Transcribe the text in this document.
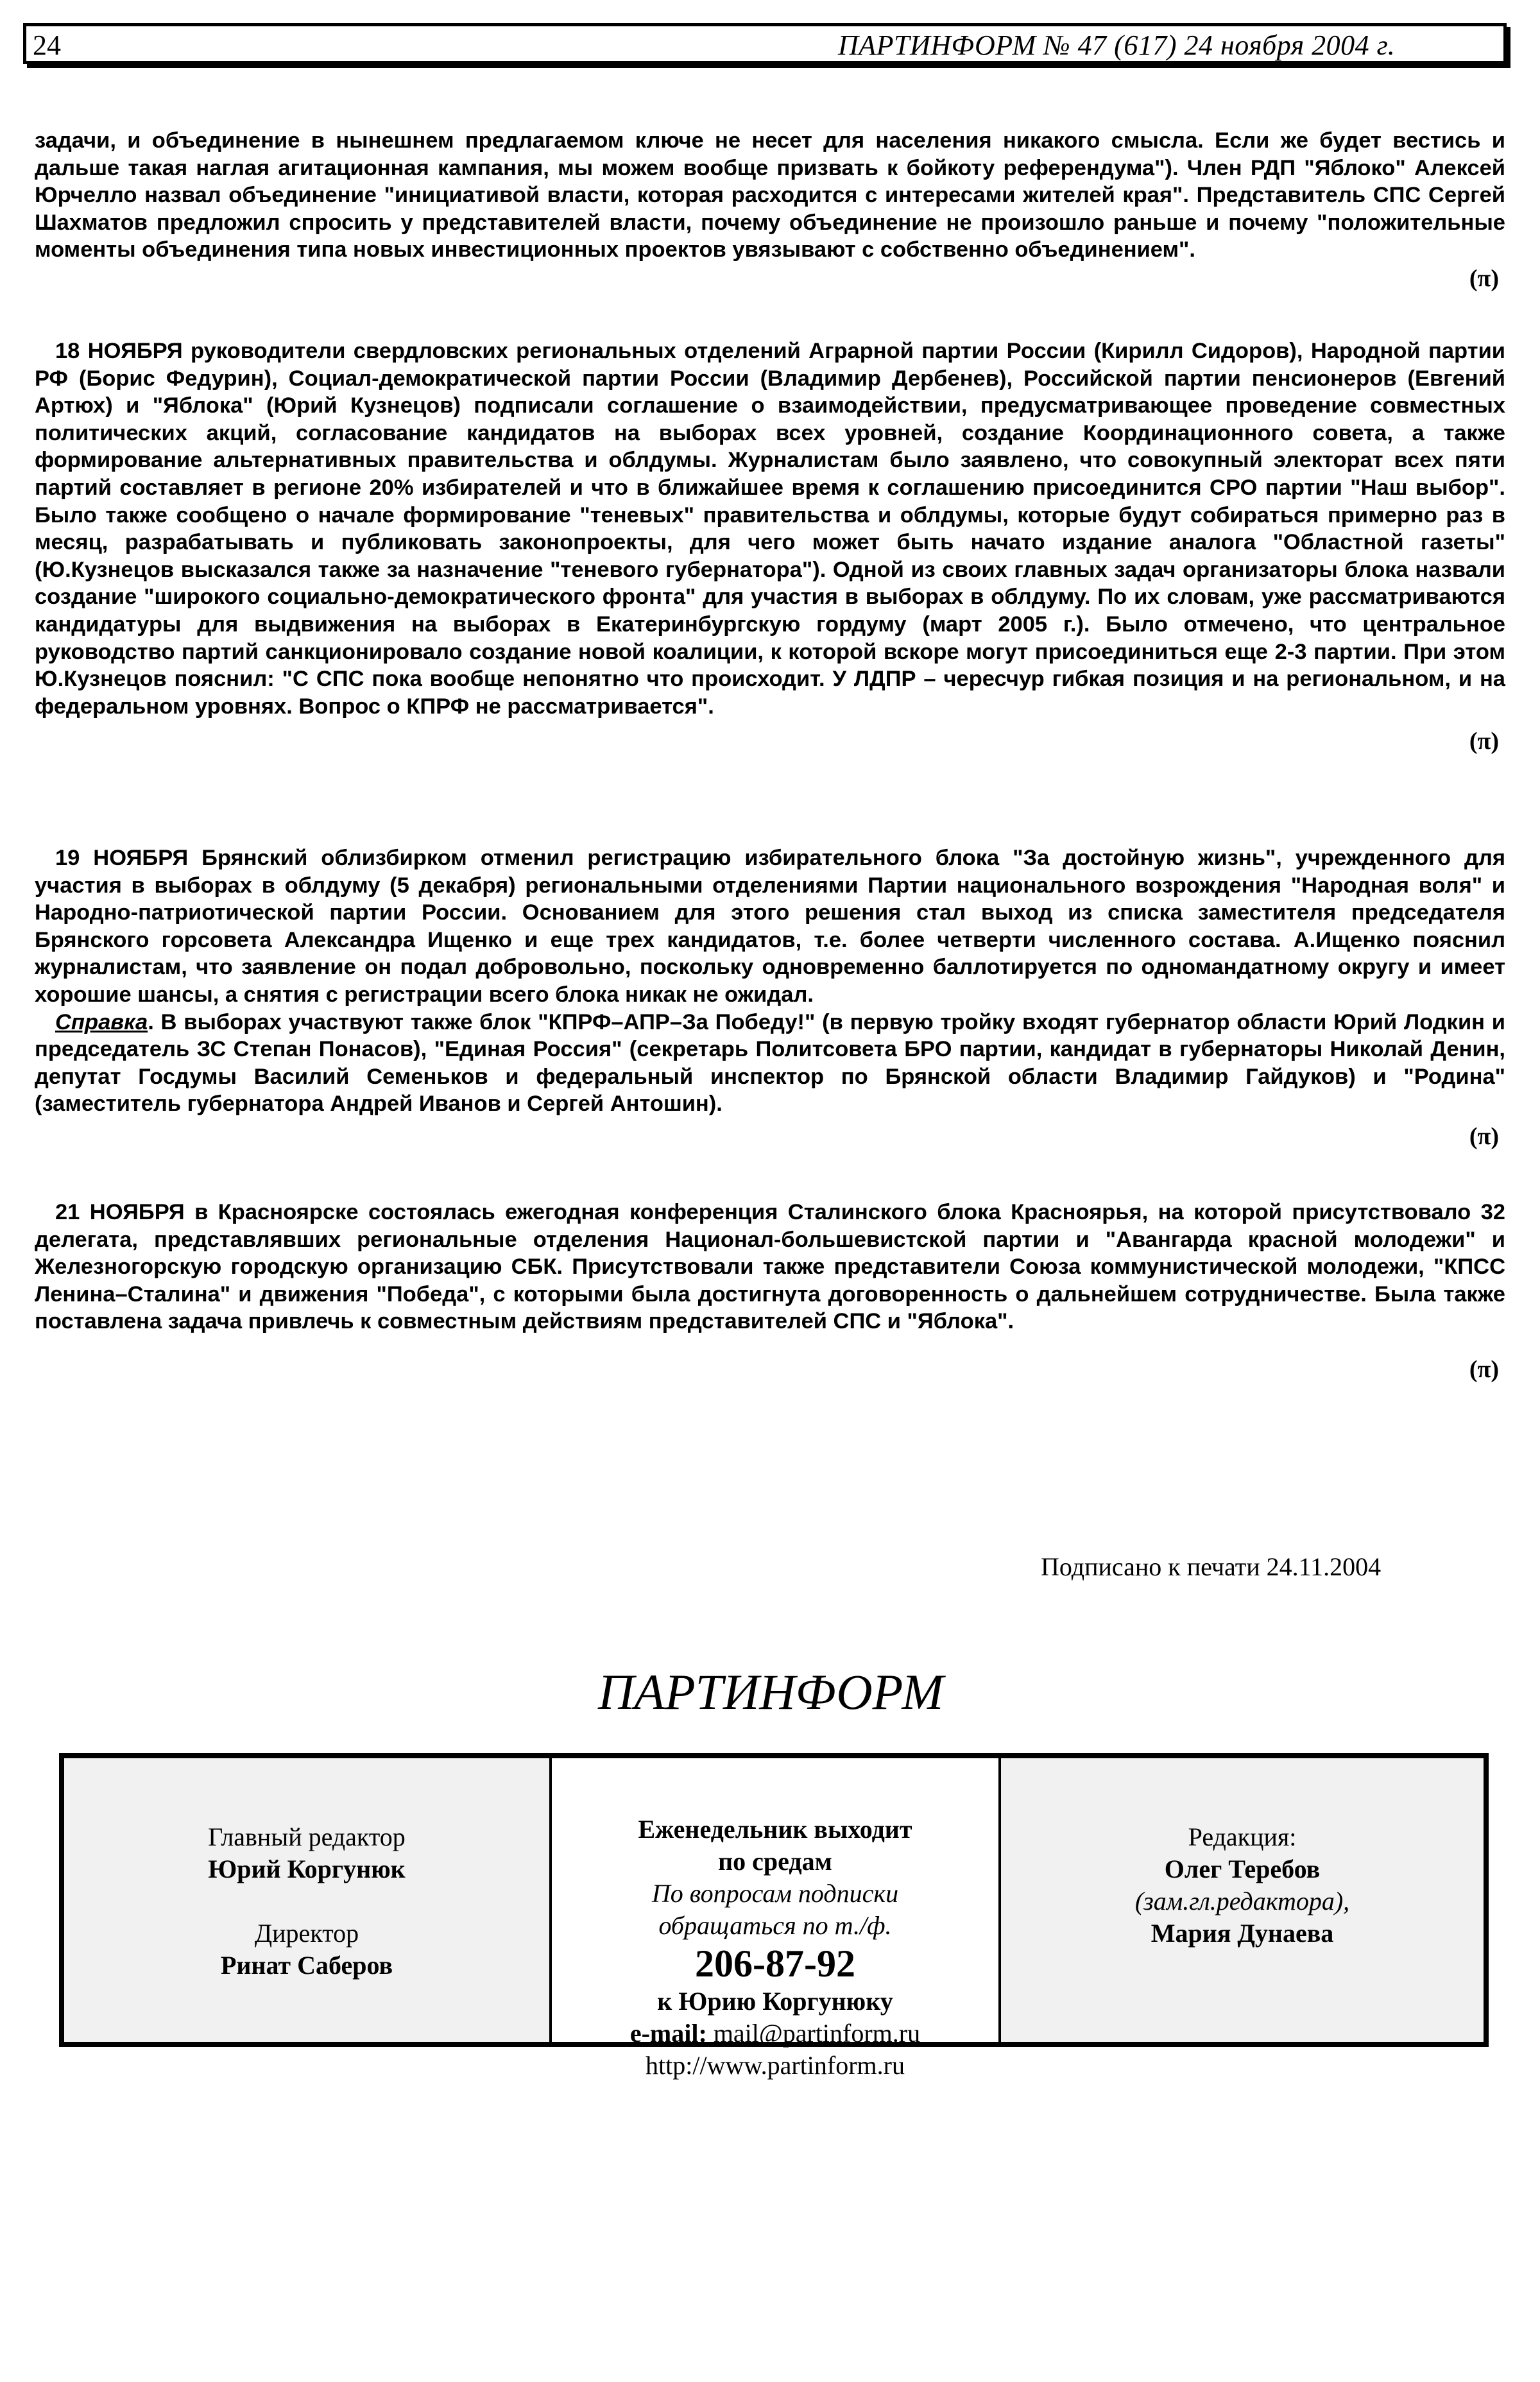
24	ПАРТИНФОРМ № 47 (617) 24 ноября 2004 г.

задачи, и объединение в нынешнем предлагаемом ключе не несет для населения никакого смысла. Если же будет вестись и дальше такая наглая агитационная кампания, мы можем вообще призвать к бойкоту референдума"). Член РДП "Яблоко" Алексей Юрчелло назвал объединение "инициативой власти, которая расходится с интересами жителей края". Представитель СПС Сергей Шахматов предложил спросить у представителей власти, почему объединение не произошло раньше и почему "положительные моменты объединения типа новых инвестиционных проектов увязывают с собственно объединением".

(π)

18 НОЯБРЯ руководители свердловских региональных отделений Аграрной партии России (Кирилл Сидоров), Народной партии РФ (Борис Федурин), Социал-демократической партии России (Владимир Дербенев), Российской партии пенсионеров (Евгений Артюх) и "Яблока" (Юрий Кузнецов) подписали соглашение о взаимодействии, предусматривающее проведение совместных политических акций, согласование кандидатов на выборах всех уровней, создание Координационного совета, а также формирование альтернативных правительства и облдумы. Журналистам было заявлено, что совокупный электорат всех пяти партий составляет в регионе 20% избирателей и что в ближайшее время к соглашению присоединится СРО партии "Наш выбор". Было также сообщено о начале формирование "теневых" правительства и облдумы, которые будут собираться примерно раз в месяц, разрабатывать и публиковать законопроекты, для чего может быть начато издание аналога "Областной газеты" (Ю.Кузнецов высказался также за назначение "теневого губернатора"). Одной из своих главных задач организаторы блока назвали создание "широкого социально-демократического фронта" для участия в выборах в облдуму. По их словам, уже рассматриваются кандидатуры для выдвижения на выборах в Екатеринбургскую гордуму (март 2005 г.). Было отмечено, что центральное руководство партий санкционировало создание новой коалиции, к которой вскоре могут присоединиться еще 2-3 партии. При этом Ю.Кузнецов пояснил: "С СПС пока вообще непонятно что происходит. У ЛДПР – чересчур гибкая позиция и на региональном, и на федеральном уровнях. Вопрос о КПРФ не рассматривается".

(π)

19 НОЯБРЯ Брянский облизбирком отменил регистрацию избирательного блока "За достойную жизнь", учрежденного для участия в выборах в облдуму (5 декабря) региональными отделениями Партии национального возрождения "Народная воля" и Народно-патриотической партии России. Основанием для этого решения стал выход из списка заместителя председателя Брянского горсовета Александра Ищенко и еще трех кандидатов, т.е. более четверти численного состава. А.Ищенко пояснил журналистам, что заявление он подал добровольно, поскольку одновременно баллотируется по одномандатному округу и имеет хорошие шансы, а снятия с регистрации всего блока никак не ожидал.

Справка. В выборах участвуют также блок "КПРФ–АПР–За Победу!" (в первую тройку входят губернатор области Юрий Лодкин и председатель ЗС Степан Понасов), "Единая Россия" (секретарь Политсовета БРО партии, кандидат в губернаторы Николай Денин, депутат Госдумы Василий Семеньков и федеральный инспектор по Брянской области Владимир Гайдуков) и "Родина" (заместитель губернатора Андрей Иванов и Сергей Антошин).

(π)

21 НОЯБРЯ в Красноярске состоялась ежегодная конференция Сталинского блока Красноярья, на которой присутствовало 32 делегата, представлявших региональные отделения Национал-большевистской партии и "Авангарда красной молодежи" и Железногорскую городскую организацию СБК. Присутствовали также представители Союза коммунистической молодежи, "КПСС Ленина–Сталина" и движения "Победа", с которыми была достигнута договоренность о дальнейшем сотрудничестве. Была также поставлена задача привлечь к совместным действиям представителей СПС и "Яблока".

(π)

Подписано к печати 24.11.2004
ПАРТИНФОРМ
Главный редактор
Юрий Коргунюк
Директор
Ринат Саберов
Еженедельник выходит
по средам
По вопросам подписки
обращаться по т./ф.
206-87-92
к Юрию Коргунюку
e-mail: mail@partinform.ru
http://www.partinform.ru
Редакция:
Олег Теребов
(зам.гл.редактора),
Мария Дунаева
